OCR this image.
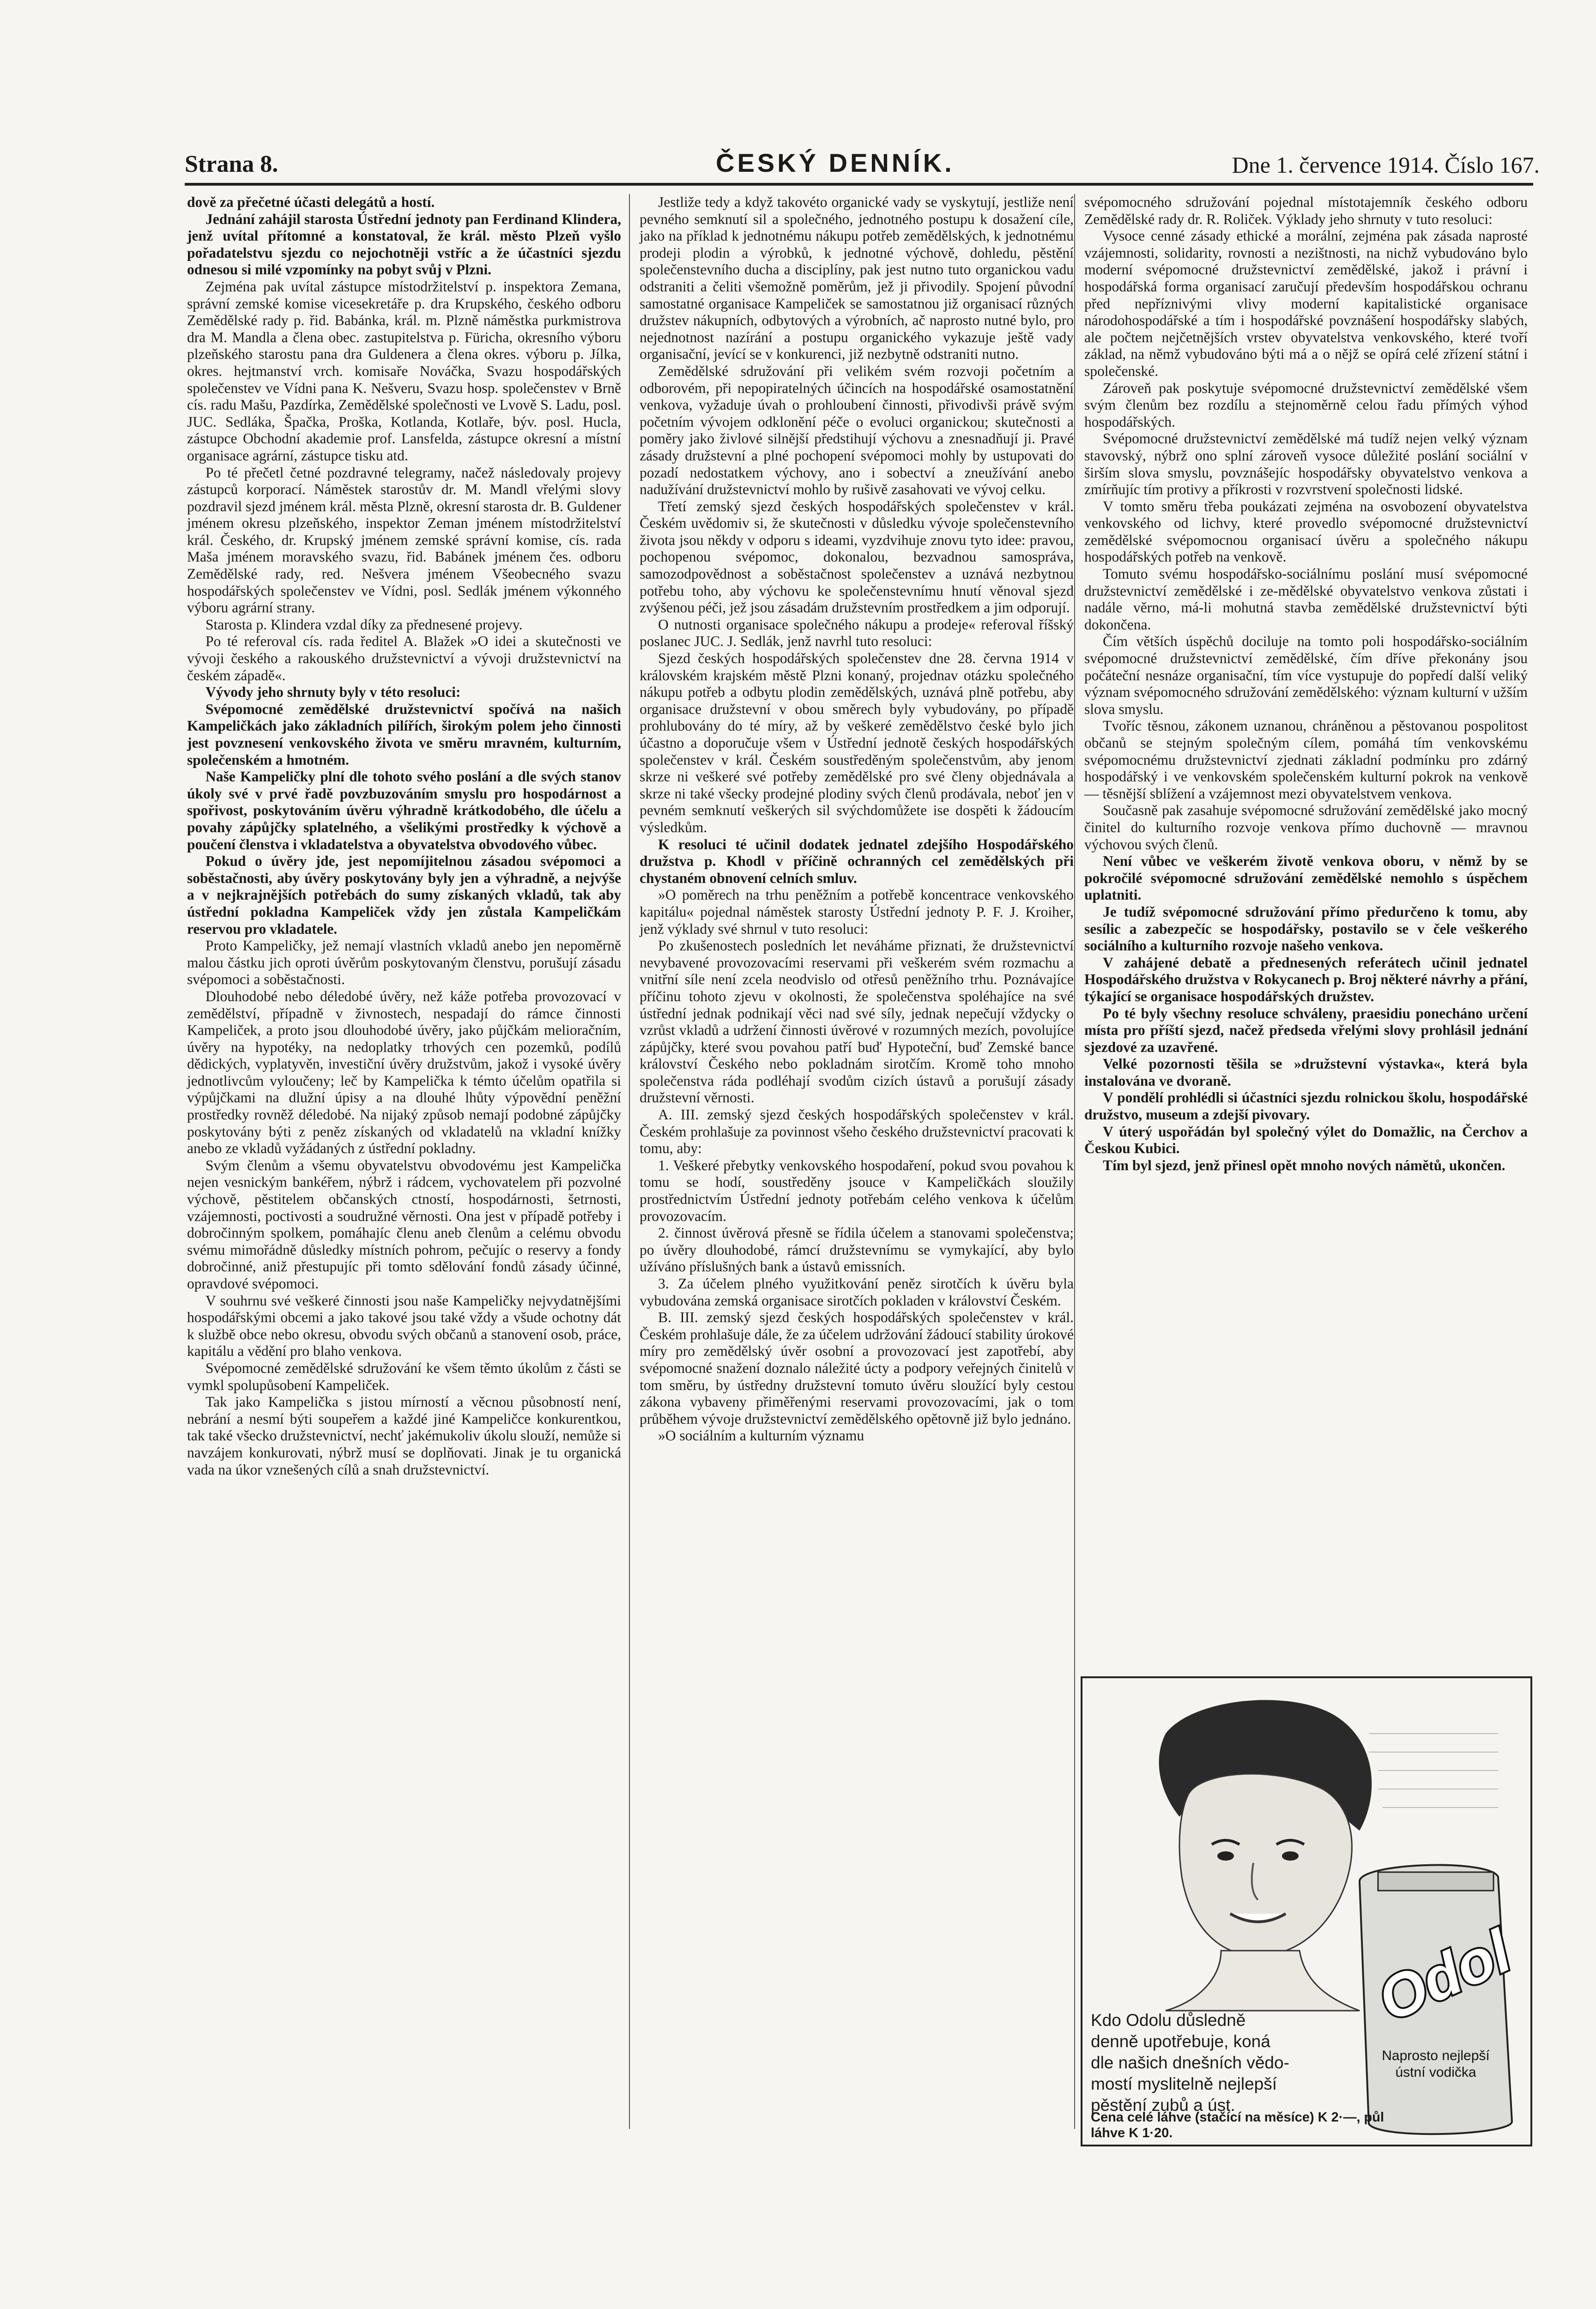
Strana 8.	ČESKÝ DENNÍK.	Dne 1. července 1914. Číslo 167.

dově za přečetné účasti delegátů a hostí.

Jednání zahájil starosta Ústřední jednoty pan Ferdinand Klindera, jenž uvítal přítomné a konstatoval, že král. město Plzeň vyšlo pořadatelstvu sjezdu co nejochotněji vstříc a že účastníci sjezdu odnesou si milé vzpomínky na pobyt svůj v Plzni.

Zejména pak uvítal zástupce místodržitelství p. inspektora Zemana, správní zemské komise vicesekretáře p. dra Krupského, českého odboru Zemědělské rady p. řid. Babánka, král. m. Plzně náměstka purkmistrova dra M. Mandla a člena obec. zastupitelstva p. Füricha, okresního výboru plzeňského starostu pana dra Guldenera a člena okres. výboru p. Jílka, okres. hejtmanství vrch. komisaře Nováčka, Svazu hospodářských společenstev ve Vídni pana K. Nešveru, Svazu hosp. společenstev v Brně cís. radu Mašu, Pazdírka, Zemědělské společnosti ve Lvově S. Ladu, posl. JUC. Sedláka, Špačka, Proška, Kotlanda, Kotlaře, býv. posl. Hucla, zástupce Obchodní akademie prof. Lansfelda, zástupce okresní a místní organisace agrární, zástupce tisku atd.

Po té přečetl četné pozdravné telegramy, načež následovaly projevy zástupců korporací. Náměstek starostův dr. M. Mandl vřelými slovy pozdravil sjezd jménem král. města Plzně, okresní starosta dr. B. Guldener jménem okresu plzeňského, inspektor Zeman jménem místodržitelství král. Českého, dr. Krupský jménem zemské správní komise, cís. rada Maša jménem moravského svazu, řid. Babánek jménem čes. odboru Zemědělské rady, red. Nešvera jménem Všeobecného svazu hospodářských společenstev ve Vídni, posl. Sedlák jménem výkonného výboru agrární strany.

Starosta p. Klindera vzdal díky za přednesené projevy.

Po té referoval cís. rada ředitel A. Blažek »O idei a skutečnosti ve vývoji českého a rakouského družstevnictví a vývoji družstevnictví na českém západě«.

Vývody jeho shrnuty byly v této resoluci:

Svépomocné zemědělské družstevnictví spočívá na našich Kampeličkách jako základních pilířích, širokým polem jeho činnosti jest povznesení venkovského života ve směru mravném, kulturním, společenském a hmotném.

Naše Kampeličky plní dle tohoto svého poslání a dle svých stanov úkoly své v prvé řadě povzbuzováním smyslu pro hospodárnost a spořivost, poskytováním úvěru výhradně krátkodobého, dle účelu a povahy zápůjčky splatelného, a všelikými prostředky k výchově a poučení členstva i vkladatelstva a obyvatelstva obvodového vůbec.

Pokud o úvěry jde, jest nepomíjitelnou zásadou svépomoci a soběstačnosti, aby úvěry poskytovány byly jen a výhradně, a nejvýše a v nejkrajnějších potřebách do sumy získaných vkladů, tak aby ústřední pokladna Kampeliček vždy jen zůstala Kampeličkám reservou pro vkladatele.

Proto Kampeličky, jež nemají vlastních vkladů anebo jen nepoměrně malou částku jich oproti úvěrům poskytovaným členstvu, porušují zásadu svépomoci a soběstačnosti.

Dlouhodobé nebo déledobé úvěry, než káže potřeba provozovací v zemědělství, případně v živnostech, nespadají do rámce činnosti Kampeliček, a proto jsou dlouhodobé úvěry, jako půjčkám melioračním, úvěry na hypotéky, na nedoplatky trhových cen pozemků, podílů dědických, vyplatyvěn, investiční úvěry družstvům, jakož i vysoké úvěry jednotlivcům vyloučeny; leč by Kampelička k témto účelům opatřila si výpůjčkami na dlužní úpisy a na dlouhé lhůty výpovědní peněžní prostředky rovněž déledobé. Na nijaký způsob nemají podobné zápůjčky poskytovány býti z peněz získaných od vkladatelů na vkladní knížky anebo ze vkladů vyžádaných z ústřední pokladny.

Svým členům a všemu obyvatelstvu obvodovému jest Kampelička nejen vesnickým bankéřem, nýbrž i rádcem, vychovatelem při pozvolné výchově, pěstitelem občanských ctností, hospodárnosti, šetrnosti, vzájemnosti, poctivosti a soudružné věrnosti. Ona jest v případě potřeby i dobročinným spolkem, pomáhajíc členu aneb členům a celému obvodu svému mimořádně důsledky místních pohrom, pečujíc o reservy a fondy dobročinné, aniž přestupujíc při tomto sdělování fondů zásady účinné, opravdové svépomoci.

V souhrnu své veškeré činnosti jsou naše Kampeličky nejvydatnějšími hospodářskými obcemi a jako takové jsou také vždy a všude ochotny dát k službě obce nebo okresu, obvodu svých občanů a stanovení osob, práce, kapitálu a vědění pro blaho venkova.

Svépomocné zemědělské sdružování ke všem těmto úkolům z části se vymkl spolupůsobení Kampeliček.

Tak jako Kampelička s jistou mírností a věcnou působností není, nebrání a nesmí býti soupeřem a každé jiné Kampeličce konkurentkou, tak také všecko družstevnictví, nechť jakémukoliv úkolu slouží, nemůže si navzájem konkurovati, nýbrž musí se doplňovati. Jinak je tu organická vada na úkor vznešených cílů a snah družstevnictví.

Jestliže tedy a když takovéto organické vady se vyskytují, jestliže není pevného semknutí sil a společného, jednotného postupu k dosažení cíle, jako na příklad k jednotnému nákupu potřeb zemědělských, k jednotnému prodeji plodin a výrobků, k jednotné výchově, dohledu, pěstění společenstevního ducha a disciplíny, pak jest nutno tuto organickou vadu odstraniti a čeliti všemožně poměrům, jež ji přivodily. Spojení původní samostatné organisace Kampeliček se samostatnou již organisací různých družstev nákupních, odbytových a výrobních, ač naprosto nutné bylo, pro nejednotnost nazírání a postupu organického vykazuje ještě vady organisační, jevící se v konkurenci, již nezbytně odstraniti nutno.

Zemědělské sdružování při velikém svém rozvoji početním a odborovém, při nepopiratelných účincích na hospodářské osamostatnění venkova, vyžaduje úvah o prohloubení činnosti, přivodivši právě svým početním vývojem odklonění péče o evoluci organickou; skutečnosti a poměry jako živlové silnější předstihují výchovu a znesnadňují ji. Pravé zásady družstevní a plné pochopení svépomoci mohly by ustupovati do pozadí nedostatkem výchovy, ano i sobectví a zneužívání anebo nadužívání družstevnictví mohlo by rušivě zasahovati ve vývoj celku.

Třetí zemský sjezd českých hospodářských společenstev v král. Českém uvědomiv si, že skutečnosti v důsledku vývoje společenstevního života jsou někdy v odporu s ideami, vyzdvihuje znovu tyto idee: pravou, pochopenou svépomoc, dokonalou, bezvadnou samospráva, samozodpovědnost a soběstačnost společenstev a uznává nezbytnou potřebu toho, aby výchovu ke společenstevnímu hnutí věnoval sjezd zvýšenou péči, jež jsou zásadám družstevním prostředkem a jim odporují.

O nutnosti organisace společného nákupu a prodeje« referoval říšský poslanec JUC. J. Sedlák, jenž navrhl tuto resoluci:

Sjezd českých hospodářských společenstev dne 28. června 1914 v královském krajském městě Plzni konaný, projednav otázku společného nákupu potřeb a odbytu plodin zemědělských, uznává plně potřebu, aby organisace družstevní v obou směrech byly vybudovány, po případě prohlubovány do té míry, až by veškeré zemědělstvo české bylo jich účastno a doporučuje všem v Ústřední jednotě českých hospodářských společenstev v král. Českém soustředěným společenstvům, aby jenom skrze ni veškeré své potřeby zemědělské pro své členy objednávala a skrze ni také všecky prodejné plodiny svých členů prodávala, neboť jen v pevném semknutí veškerých sil svýchdomůžete ise dospěti k žádoucím výsledkům.

K resoluci té učinil dodatek jednatel zdejšího Hospodářského družstva p. Khodl v příčině ochranných cel zemědělských při chystaném obnovení celních smluv.

»O poměrech na trhu peněžním a potřebě koncentrace venkovského kapitálu« pojednal náměstek starosty Ústřední jednoty P. F. J. Kroiher, jenž výklady své shrnul v tuto resoluci:

Po zkušenostech posledních let neváháme přiznati, že družstevnictví nevybavené provozovacími reservami při veškerém svém rozmachu a vnitřní síle není zcela neodvislo od otřesů peněžního trhu. Poznávajíce příčinu tohoto zjevu v okolnosti, že společenstva spoléhajíce na své ústřední jednak podnikají věci nad své síly, jednak nepečují vždycky o vzrůst vkladů a udržení činnosti úvěrové v rozumných mezích, povolujíce zápůjčky, které svou povahou patří buď Hypoteční, buď Zemské bance království Českého nebo pokladnám sirotčím. Kromě toho mnoho společenstva ráda podléhají svodům cizích ústavů a porušují zásady družstevní věrnosti.

A. III. zemský sjezd českých hospodářských společenstev v král. Českém prohlašuje za povinnost všeho českého družstevnictví pracovati k tomu, aby:

1. Veškeré přebytky venkovského hospodaření, pokud svou povahou k tomu se hodí, soustředěny jsouce v Kampeličkách sloužily prostřednictvím Ústřední jednoty potřebám celého venkova k účelům provozovacím.

2. činnost úvěrová přesně se řídila účelem a stanovami společenstva; po úvěry dlouhodobé, rámcí družstevnímu se vymykající, aby bylo užíváno příslušných bank a ústavů emissních.

3. Za účelem plného využitkování peněz sirotčích k úvěru byla vybudována zemská organisace sirotčích pokladen v království Českém.

B. III. zemský sjezd českých hospodářských společenstev v král. Českém prohlašuje dále, že za účelem udržování žádoucí stability úrokové míry pro zemědělský úvěr osobní a provozovací jest zapotřebí, aby svépomocné snažení doznalo náležité úcty a podpory veřejných činitelů v tom směru, by ústředny družstevní tomuto úvěru sloužící byly cestou zákona vybaveny přiměřenými reservami provozovacími, jak o tom průběhem vývoje družstevnictví zemědělského opětovně již bylo jednáno.

»O sociálním a kulturním významu

svépomocného sdružování pojednal místotajemník českého odboru Zemědělské rady dr. R. Roliček. Výklady jeho shrnuty v tuto resoluci:

Vysoce cenné zásady ethické a morální, zejména pak zásada naprosté vzájemnosti, solidarity, rovnosti a nezištnosti, na nichž vybudováno bylo moderní svépomocné družstevnictví zemědělské, jakož i právní i hospodářská forma organisací zaručují především hospodářskou ochranu před nepříznivými vlivy moderní kapitalistické organisace národohospodářské a tím i hospodářské povznášení hospodářsky slabých, ale počtem nejčetnějších vrstev obyvatelstva venkovského, které tvoří základ, na němž vybudováno býti má a o nějž se opírá celé zřízení státní i společenské.

Zároveň pak poskytuje svépomocné družstevnictví zemědělské všem svým členům bez rozdílu a stejnoměrně celou řadu přímých výhod hospodářských.

Svépomocné družstevnictví zemědělské má tudíž nejen velký význam stavovský, nýbrž ono splní zároveň vysoce důležité poslání sociální v širším slova smyslu, povznášejíc hospodářsky obyvatelstvo venkova a zmírňujíc tím protivy a příkrosti v rozvrstvení společnosti lidské.

V tomto směru třeba poukázati zejména na osvobození obyvatelstva venkovského od lichvy, které provedlo svépomocné družstevnictví zemědělské svépomocnou organisací úvěru a společného nákupu hospodářských potřeb na venkově.

Tomuto svému hospodářsko-sociálnímu poslání musí svépomocné družstevnictví zemědělské i ze-mědělské obyvatelstvo venkova zůstati i nadále věrno, má-li mohutná stavba zemědělské družstevnictví býti dokončena.

Čím větších úspěchů dociluje na tomto poli hospodářsko-sociálním svépomocné družstevnictví zemědělské, čím dříve překonány jsou počáteční nesnáze organisační, tím více vystupuje do popředí další veliký význam svépomocného sdružování zemědělského: význam kulturní v užším slova smyslu.

Tvoříc těsnou, zákonem uznanou, chráněnou a pěstovanou pospolitost občanů se stejným společným cílem, pomáhá tím venkovskému svépomocnému družstevnictví zjednati základní podmínku pro zdárný hospodářský i ve venkovském společenském kulturní pokrok na venkově — těsnější sblížení a vzájemnost mezi obyvatelstvem venkova.

Současně pak zasahuje svépomocné sdružování zemědělské jako mocný činitel do kulturního rozvoje venkova přímo duchovně — mravnou výchovou svých členů.

Není vůbec ve veškerém životě venkova oboru, v němž by se pokročilé svépomocné sdružování zemědělské nemohlo s úspěchem uplatniti.

Je tudíž svépomocné sdružování přímo předurčeno k tomu, aby sesílic a zabezpečíc se hospodářsky, postavilo se v čele veškerého sociálního a kulturního rozvoje našeho venkova.

V zahájené debatě a přednesených referátech učinil jednatel Hospodářského družstva v Rokycanech p. Broj některé návrhy a přání, týkající se organisace hospodářských družstev.

Po té byly všechny resoluce schváleny, praesidiu ponecháno určení místa pro příští sjezd, načež předseda vřelými slovy prohlásil jednání sjezdové za uzavřené.

Velké pozornosti těšila se »družstevní výstavka«, která byla instalována ve dvoraně.

V pondělí prohlédli si účastníci sjezdu rolnickou školu, hospodářské družstvo, museum a zdejší pivovary.

V úterý uspořádán byl společný výlet do Domažlic, na Čerchov a Českou Kubici.

Tím byl sjezd, jenž přinesl opět mnoho nových námětů, ukončen.

Odol
Naprosto nejlepší ústní vodička

Kdo Odolu důsledně

denně upotřebuje, koná

dle našich dnešních vědo-

mostí myslitelně nejlepší

pěstění zubů a úst.

Cena celé láhve (stačící na měsíce) K 2·—, půl láhve K 1·20.
